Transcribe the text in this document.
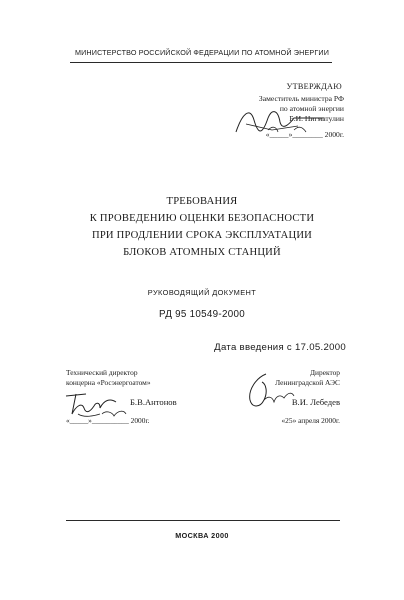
МИНИСТЕРСТВО РОССИЙСКОЙ ФЕДЕРАЦИИ ПО АТОМНОЙ ЭНЕРГИИ
УТВЕРЖДАЮ
Заместитель министра РФ
по атомной энергии
Б.И. Нигматулин
«_____»________ 2000г.
ТРЕБОВАНИЯ
К ПРОВЕДЕНИЮ ОЦЕНКИ БЕЗОПАСНОСТИ
ПРИ ПРОДЛЕНИИ СРОКА ЭКСПЛУАТАЦИИ
БЛОКОВ АТОМНЫХ СТАНЦИЙ
РУКОВОДЯЩИЙ ДОКУМЕНТ
РД 95 10549-2000
Дата введения с 17.05.2000
Технический директор
концерна «Росэнергоатом»
Б.В.Антонов
«_____»__________ 2000г.
Директор
Ленинградской АЭС
В.И. Лебедев
«25» апреля 2000г.
МОСКВА 2000
